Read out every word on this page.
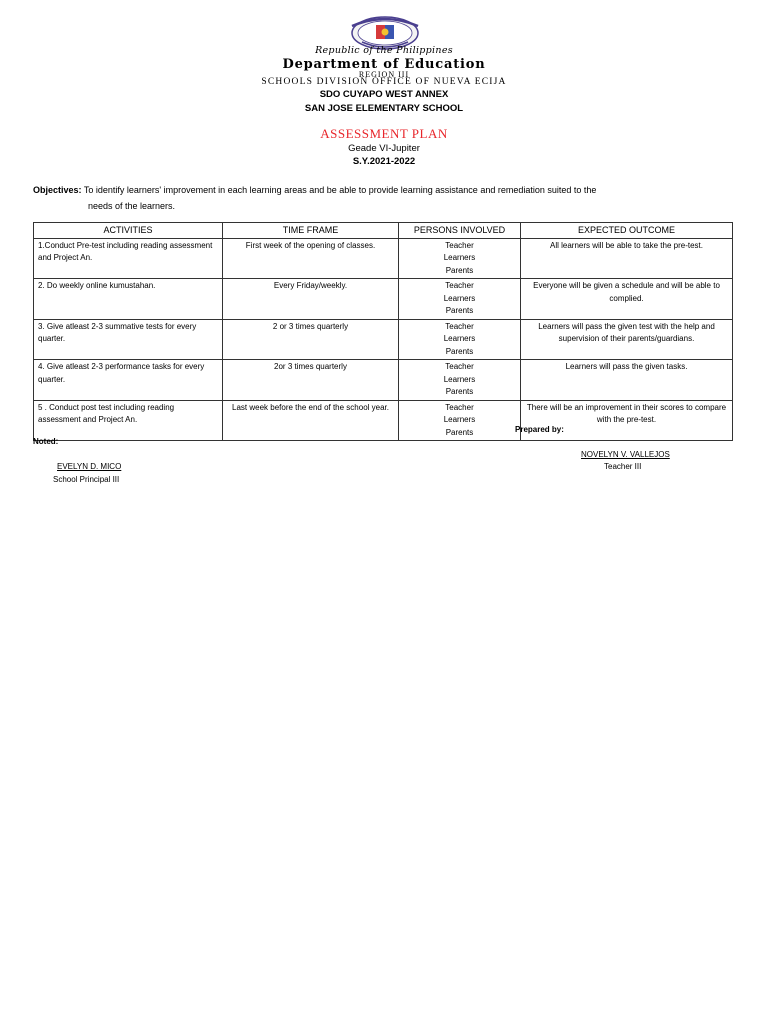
Republic of the Philippines
Department of Education
REGION III
SCHOOLS DIVISION OFFICE OF NUEVA ECIJA
SDO CUYAPO WEST ANNEX
SAN JOSE ELEMENTARY SCHOOL
ASSESSMENT PLAN
Geade VI-Jupiter
S.Y.2021-2022
Objectives: To identify learners' improvement in each learning areas and be able to provide learning assistance and remediation suited to the
needs of the learners.
ACTIVITIES	TIME FRAME	PERSONS INVOLVED	EXPECTED OUTCOME
1.Conduct Pre-test including reading assessment and Project An.	First week of the opening of classes.	Teacher
Learners
Parents	All learners will be able to take the pre-test.
2. Do weekly online kumustahan.	Every Friday/weekly.	Teacher
Learners
Parents	Everyone will be given a schedule and will be able to complied.
3. Give atleast 2-3 summative tests for every quarter.	2 or 3 times quarterly	Teacher
Learners
Parents	Learners will pass the given test with the help and supervision of their parents/guardians.
4. Give atleast 2-3 performance tasks for every quarter.	2or 3 times quarterly	Teacher
Learners
Parents	Learners will pass the given tasks.
5 . Conduct post test including reading assessment and Project An.	Last week before the end of the school year.	Teacher
Learners
Parents	There will be an improvement in their scores to compare with the pre-test.
Prepared by:
Noted:
EVELYN D. MICO
School Principal III
NOVELYN V. VALLEJOS
Teacher III
